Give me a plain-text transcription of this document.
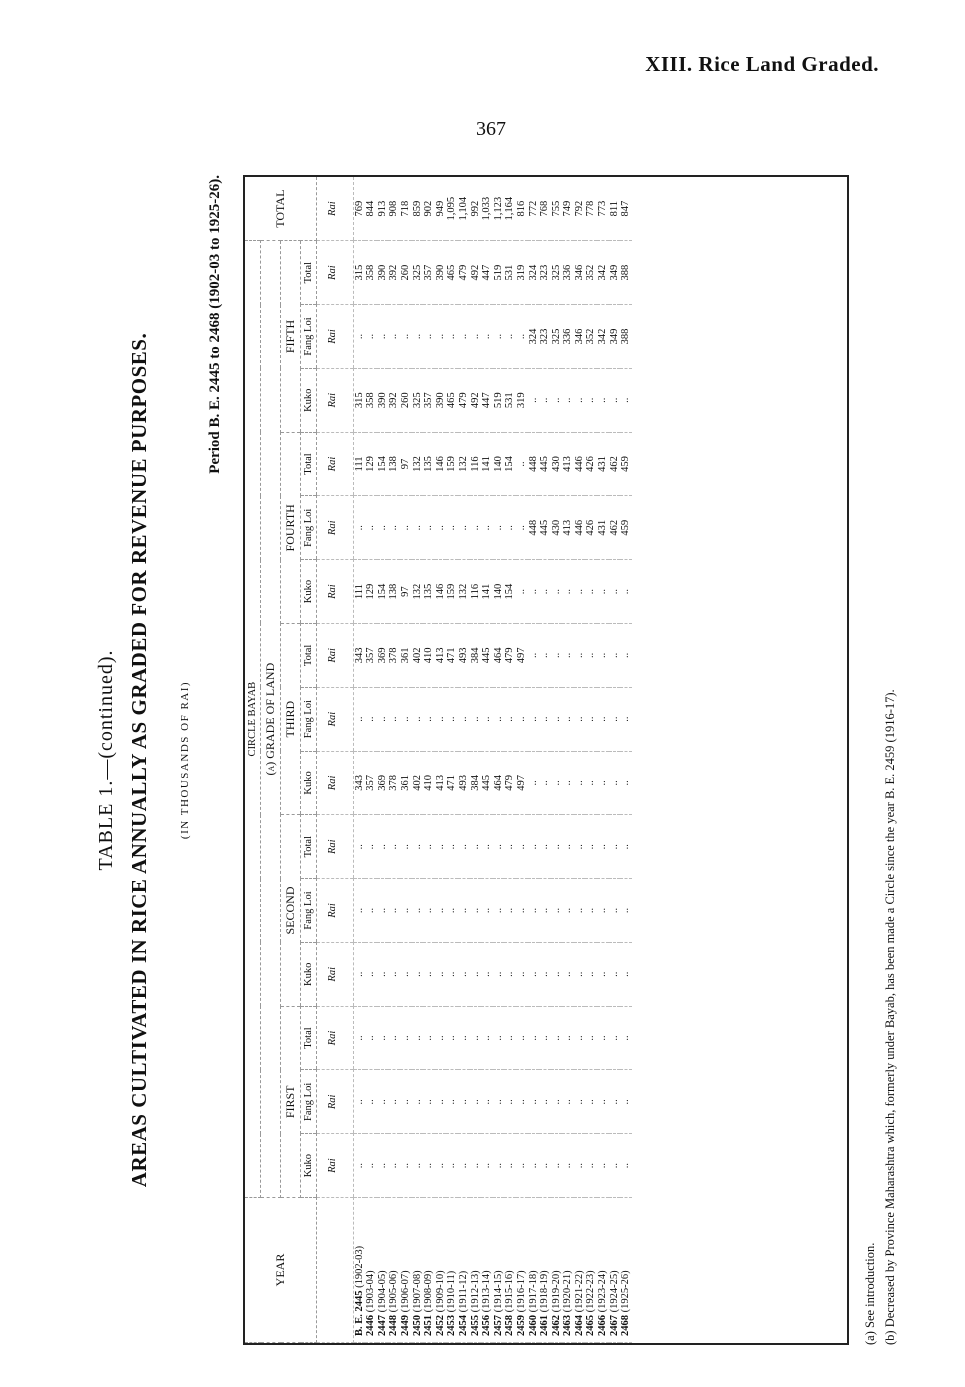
XIII. Rice Land Graded.
367
TABLE 1.—(continued). AREAS CULTIVATED IN RICE ANNUALLY AS GRADED FOR REVENUE PURPOSES.	(IN THOUSANDS OF RAI)
Period B. E. 2445 to 2468 (1902-03 to 1925-26).
YEAR	CIRCLE BAYAB															TOTAL
	(a) GRADE OF LAND															
	FIRST			SECOND			THIRD			FOURTH			FIFTH			
	Kuko	Fang Loi	Total	Kuko	Fang Loi	Total	Kuko	Fang Loi	Total	Kuko	Fang Loi	Total	Kuko	Fang Loi	Total	
	Rai	Rai	Rai	Rai	Rai	Rai	Rai	Rai	Rai	Rai	Rai	Rai	Rai	Rai	Rai	Rai
B. E. 2445 (1902-03)	..	..	..	..	..	..	343	..	343	111	..	111	315	..	315	769
2446 (1903-04)	..	..	..	..	..	..	357	..	357	129	..	129	358	..	358	844
2447 (1904-05)	..	..	..	..	..	..	369	..	369	154	..	154	390	..	390	913
2448 (1905-06)	..	..	..	..	..	..	378	..	378	138	..	138	392	..	392	908
2449 (1906-07)	..	..	..	..	..	..	361	..	361	97	..	97	260	..	260	718
2450 (1907-08)	..	..	..	..	..	..	402	..	402	132	..	132	325	..	325	859
2451 (1908-09)	..	..	..	..	..	..	410	..	410	135	..	135	357	..	357	902
2452 (1909-10)	..	..	..	..	..	..	413	..	413	146	..	146	390	..	390	949
2453 (1910-11)	..	..	..	..	..	..	471	..	471	159	..	159	465	..	465	1,095
2454 (1911-12)	..	..	..	..	..	..	493	..	493	132	..	132	479	..	479	1,104
2455 (1912-13)	..	..	..	..	..	..	384	..	384	116	..	116	492	..	492	992
2456 (1913-14)	..	..	..	..	..	..	445	..	445	141	..	141	447	..	447	1,033
2457 (1914-15)	..	..	..	..	..	..	464	..	464	140	..	140	519	..	519	1,123
2458 (1915-16)	..	..	..	..	..	..	479	..	479	154	..	154	531	..	531	1,164
2459 (1916-17)	..	..	..	..	..	..	497	..	497	..	..	..	319	..	319	816
2460 (1917-18)	..	..	..	..	..	..	..	..	..	..	448	448	..	324	324	772
2461 (1918-19)	..	..	..	..	..	..	..	..	..	..	445	445	..	323	323	768
2462 (1919-20)	..	..	..	..	..	..	..	..	..	..	430	430	..	325	325	755
2463 (1920-21)	..	..	..	..	..	..	..	..	..	..	413	413	..	336	336	749
2464 (1921-22)	..	..	..	..	..	..	..	..	..	..	446	446	..	346	346	792
2465 (1922-23)	..	..	..	..	..	..	..	..	..	..	426	426	..	352	352	778
2466 (1923-24)	..	..	..	..	..	..	..	..	..	..	431	431	..	342	342	773
2467 (1924-25)	..	..	..	..	..	..	..	..	..	..	462	462	..	349	349	811
2468 (1925-26)	..	..	..	..	..	..	..	..	..	..	459	459	..	388	388	847
(a) See introduction. (b) Decreased by Province Maharashtra which, formerly under Bayab, has been made a Circle since the year B. E. 2459 (1916-17).
